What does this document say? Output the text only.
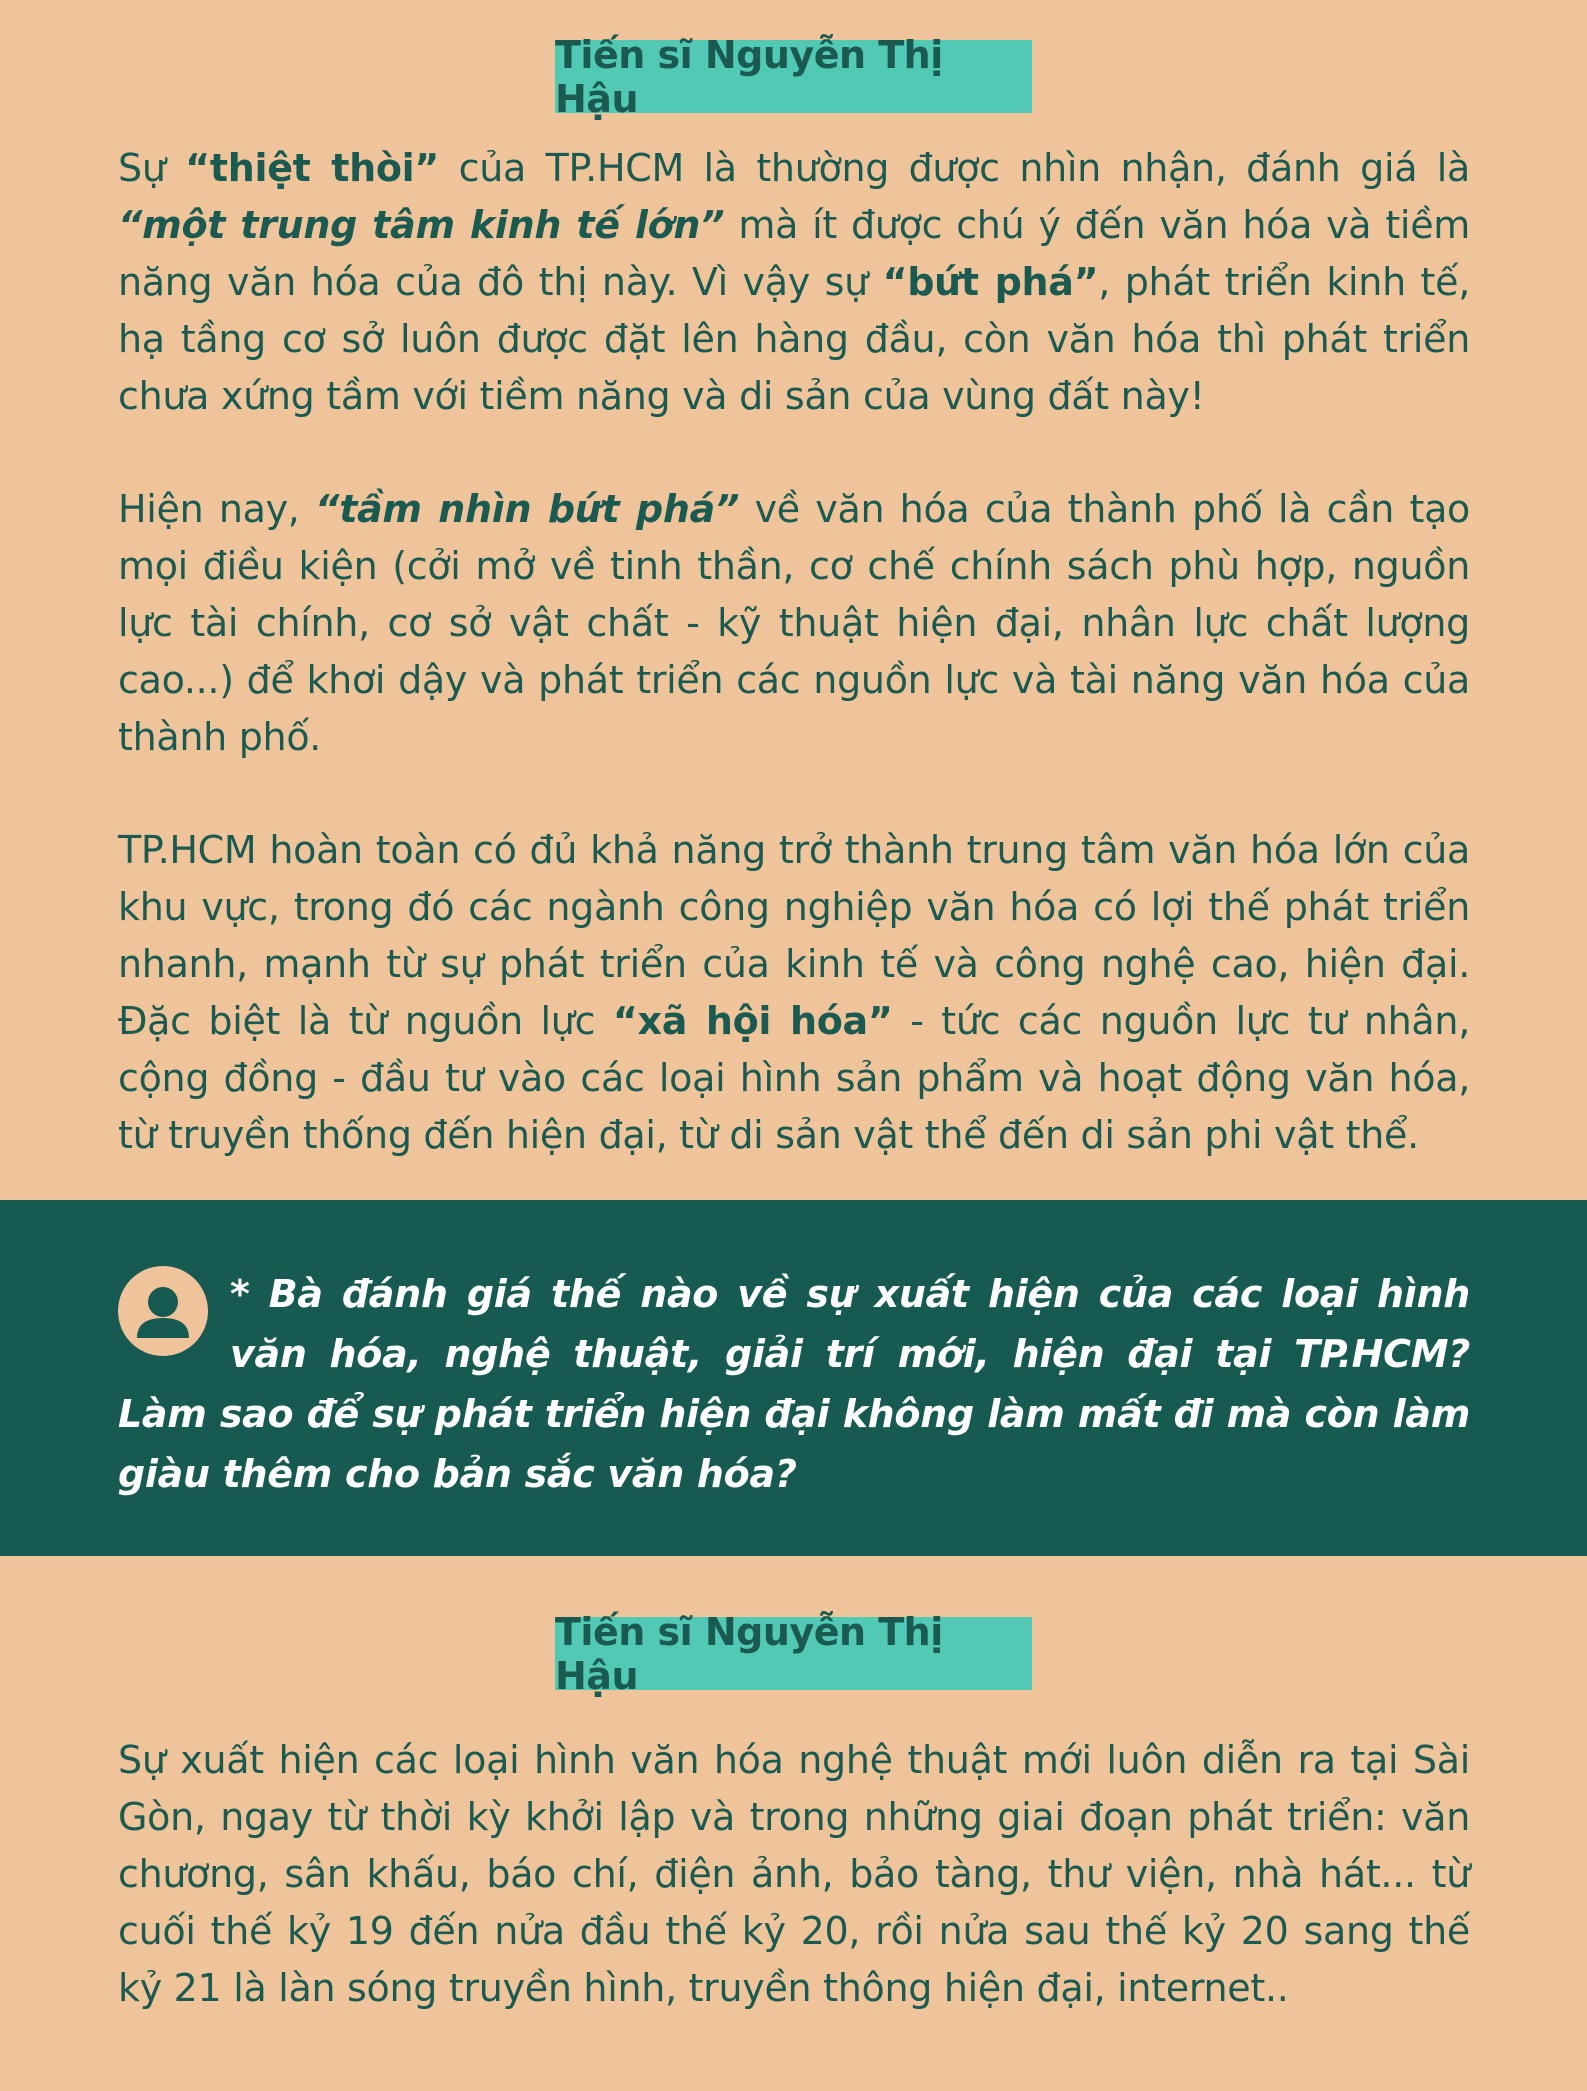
Tiến sĩ Nguyễn Thị Hậu

Sự “thiệt thòi” của TP.HCM là thường được nhìn nhận, đánh giá là “một trung tâm kinh tế lớn” mà ít được chú ý đến văn hóa và tiềm năng văn hóa của đô thị này. Vì vậy sự “bứt phá”, phát triển kinh tế, hạ tầng cơ sở luôn được đặt lên hàng đầu, còn văn hóa thì phát triển chưa xứng tầm với tiềm năng và di sản của vùng đất này!

Hiện nay, “tầm nhìn bứt phá” về văn hóa của thành phố là cần tạo mọi điều kiện (cởi mở về tinh thần, cơ chế chính sách phù hợp, nguồn lực tài chính, cơ sở vật chất - kỹ thuật hiện đại, nhân lực chất lượng cao...) để khơi dậy và phát triển các nguồn lực và tài năng văn hóa của thành phố.

TP.HCM hoàn toàn có đủ khả năng trở thành trung tâm văn hóa lớn của khu vực, trong đó các ngành công nghiệp văn hóa có lợi thế phát triển nhanh, mạnh từ sự phát triển của kinh tế và công nghệ cao, hiện đại. Đặc biệt là từ nguồn lực “xã hội hóa” - tức các nguồn lực tư nhân, cộng đồng - đầu tư vào các loại hình sản phẩm và hoạt động văn hóa, từ truyền thống đến hiện đại, từ di sản vật thể đến di sản phi vật thể.

* Bà đánh giá thế nào về sự xuất hiện của các loại hình văn hóa, nghệ thuật, giải trí mới, hiện đại tại TP.HCM? Làm sao để sự phát triển hiện đại không làm mất đi mà còn làm giàu thêm cho bản sắc văn hóa?
Tiến sĩ Nguyễn Thị Hậu

Sự xuất hiện các loại hình văn hóa nghệ thuật mới luôn diễn ra tại Sài Gòn, ngay từ thời kỳ khởi lập và trong những giai đoạn phát triển: văn chương, sân khấu, báo chí, điện ảnh, bảo tàng, thư viện, nhà hát... từ cuối thế kỷ 19 đến nửa đầu thế kỷ 20, rồi nửa sau thế kỷ 20 sang thế kỷ 21 là làn sóng truyền hình, truyền thông hiện đại, internet..
